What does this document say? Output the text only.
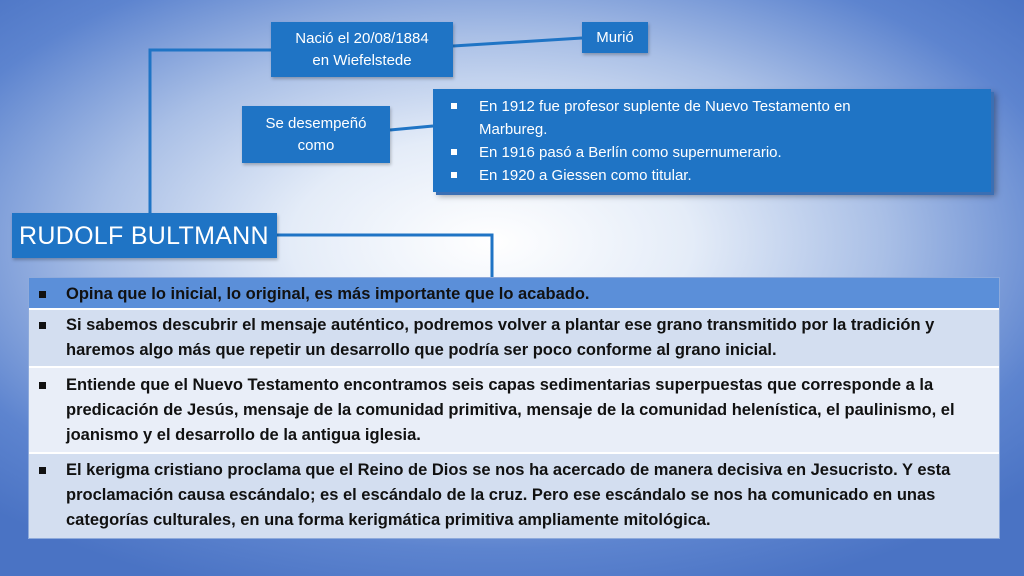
Nació el 20/08/1884
en Wiefelstede
Murió
Se desempeñó
como
En 1912 fue profesor suplente de Nuevo Testamento en
Marbureg.
En 1916 pasó a Berlín como supernumerario.
En 1920 a Giessen como titular.
RUDOLF BULTMANN
Opina que lo inicial, lo original, es más importante que lo acabado.
Si sabemos descubrir el mensaje auténtico, podremos volver a plantar ese grano transmitido por la tradición y haremos algo más que repetir un desarrollo que podría ser poco conforme al grano inicial.
Entiende que el Nuevo Testamento encontramos seis capas sedimentarias superpuestas que corresponde a la predicación de Jesús, mensaje de la comunidad primitiva, mensaje de la comunidad helenística, el paulinismo, el joanismo y el desarrollo de la antigua iglesia.
El kerigma cristiano proclama que el Reino de Dios se nos ha acercado de manera decisiva en Jesucristo. Y esta proclamación causa escándalo; es el escándalo de la cruz. Pero ese escándalo se nos ha comunicado en unas categorías culturales, en una forma kerigmática primitiva ampliamente mitológica.
